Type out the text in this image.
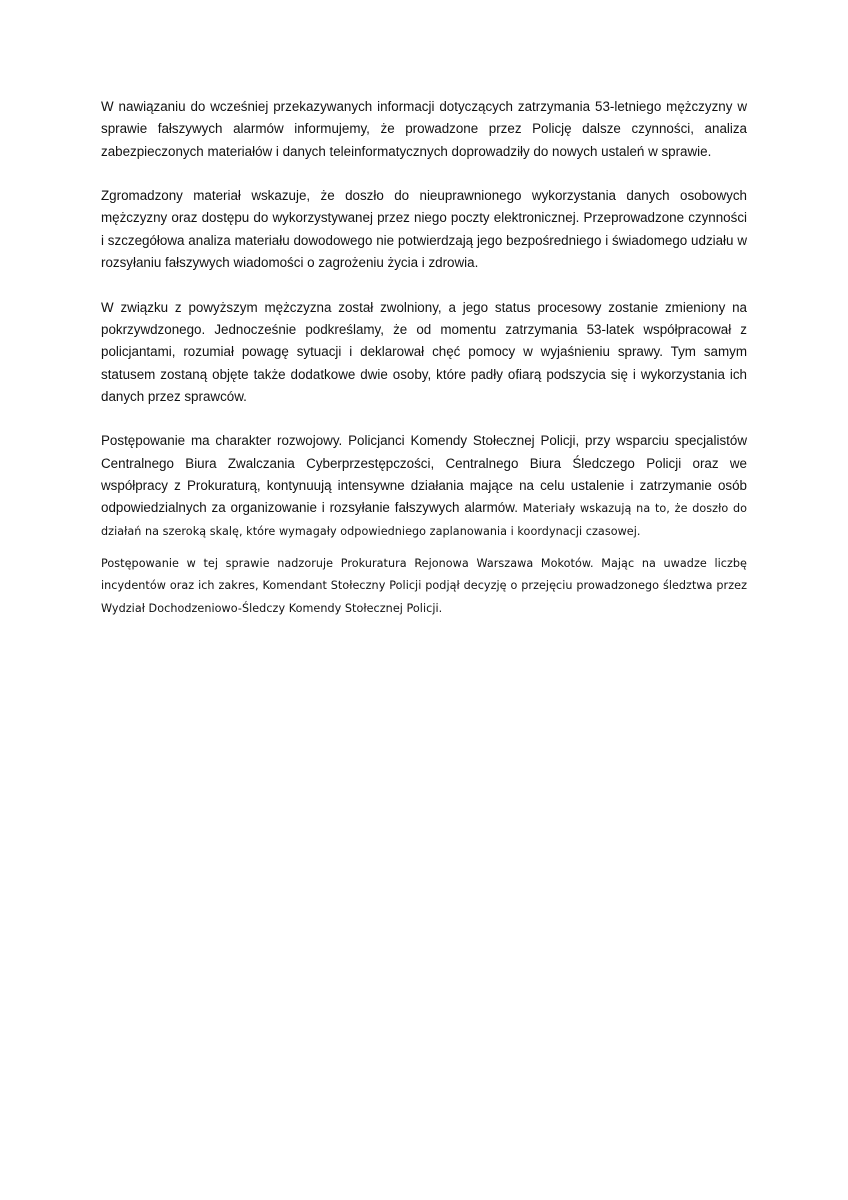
W nawiązaniu do wcześniej przekazywanych informacji dotyczących zatrzymania 53-letniego mężczyzny w sprawie fałszywych alarmów informujemy, że prowadzone przez Policję dalsze czynności, analiza zabezpieczonych materiałów i danych teleinformatycznych doprowadziły do nowych ustaleń w sprawie.

Zgromadzony materiał wskazuje, że doszło do nieuprawnionego wykorzystania danych osobowych mężczyzny oraz dostępu do wykorzystywanej przez niego poczty elektronicznej. Przeprowadzone czynności i szczegółowa analiza materiału dowodowego nie potwierdzają jego bezpośredniego i świadomego udziału w rozsyłaniu fałszywych wiadomości o zagrożeniu życia i zdrowia.

W związku z powyższym mężczyzna został zwolniony, a jego status procesowy zostanie zmieniony na pokrzywdzonego. Jednocześnie podkreślamy, że od momentu zatrzymania 53-latek współpracował z policjantami, rozumiał powagę sytuacji i deklarował chęć pomocy w wyjaśnieniu sprawy. Tym samym statusem zostaną objęte także dodatkowe dwie osoby, które padły ofiarą podszycia się i wykorzystania ich danych przez sprawców.

Postępowanie ma charakter rozwojowy. Policjanci Komendy Stołecznej Policji, przy wsparciu specjalistów Centralnego Biura Zwalczania Cyberprzestępczości, Centralnego Biura Śledczego Policji oraz we współpracy z Prokuraturą, kontynuują intensywne działania mające na celu ustalenie i zatrzymanie osób odpowiedzialnych za organizowanie i rozsyłanie fałszywych alarmów. Materiały wskazują na to, że doszło do działań na szeroką skalę, które wymagały odpowiedniego zaplanowania i koordynacji czasowej.

Postępowanie w tej sprawie nadzoruje Prokuratura Rejonowa Warszawa Mokotów. Mając na uwadze liczbę incydentów oraz ich zakres, Komendant Stołeczny Policji podjął decyzję o przejęciu prowadzonego śledztwa przez Wydział Dochodzeniowo-Śledczy Komendy Stołecznej Policji.
